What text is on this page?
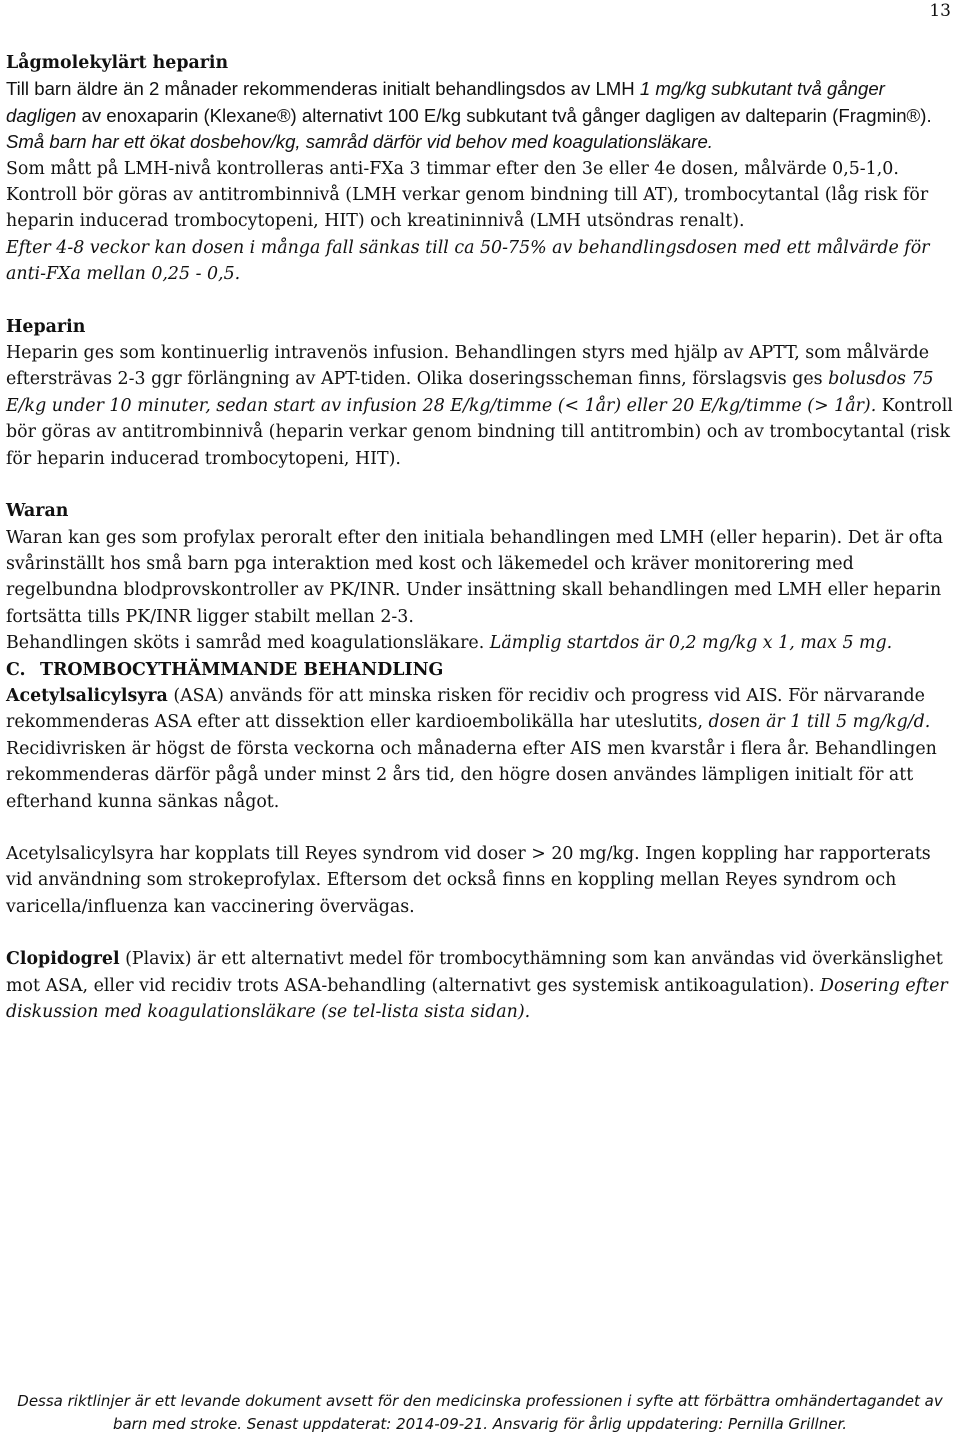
13

Lågmolekylärt heparin

Till barn äldre än 2 månader rekommenderas initialt behandlingsdos av LMH 1 mg/kg subkutant två gånger dagligen av enoxaparin (Klexane®) alternativt 100 E/kg subkutant två gånger dagligen av dalteparin (Fragmin®). Små barn har ett ökat dosbehov/kg, samråd därför vid behov med koagulationsläkare.

Som mått på LMH-nivå kontrolleras anti-FXa 3 timmar efter den 3e eller 4e dosen, målvärde 0,5-1,0. Kontroll bör göras av antitrombinnivå (LMH verkar genom bindning till AT), trombocytantal (låg risk för heparin inducerad trombocytopeni, HIT) och kreatininnivå (LMH utsöndras renalt).

Efter 4-8 veckor kan dosen i många fall sänkas till ca 50-75% av behandlingsdosen med ett målvärde för anti-FXa mellan 0,25 - 0,5.

Heparin

Heparin ges som kontinuerlig intravenös infusion. Behandlingen styrs med hjälp av APTT, som målvärde eftersträvas 2-3 ggr förlängning av APT-tiden. Olika doseringsscheman finns, förslagsvis ges bolusdos 75 E/kg under 10 minuter, sedan start av infusion 28 E/kg/timme (< 1år) eller 20 E/kg/timme (> 1år). Kontroll bör göras av antitrombinnivå (heparin verkar genom bindning till antitrombin) och av trombocytantal (risk för heparin inducerad trombocytopeni, HIT).

Waran

Waran kan ges som profylax peroralt efter den initiala behandlingen med LMH (eller heparin). Det är ofta svårinställt hos små barn pga interaktion med kost och läkemedel och kräver monitorering med regelbundna blodprovskontroller av PK/INR. Under insättning skall behandlingen med LMH eller heparin fortsätta tills PK/INR ligger stabilt mellan 2-3.

Behandlingen sköts i samråd med koagulationsläkare. Lämplig startdos är 0,2 mg/kg x 1, max 5 mg.

C. TROMBOCYTHÄMMANDE BEHANDLING

Acetylsalicylsyra (ASA) används för att minska risken för recidiv och progress vid AIS. För närvarande rekommenderas ASA efter att dissektion eller kardioembolikälla har uteslutits, dosen är 1 till 5 mg/kg/d. Recidivrisken är högst de första veckorna och månaderna efter AIS men kvarstår i flera år. Behandlingen rekommenderas därför pågå under minst 2 års tid, den högre dosen användes lämpligen initialt för att efterhand kunna sänkas något.

Acetylsalicylsyra har kopplats till Reyes syndrom vid doser > 20 mg/kg. Ingen koppling har rapporterats vid användning som strokeprofylax. Eftersom det också finns en koppling mellan Reyes syndrom och varicella/influenza kan vaccinering övervägas.

Clopidogrel (Plavix) är ett alternativt medel för trombocythämning som kan användas vid överkänslighet mot ASA, eller vid recidiv trots ASA-behandling (alternativt ges systemisk antikoagulation). Dosering efter diskussion med koagulationsläkare (se tel-lista sista sidan).

Dessa riktlinjer är ett levande dokument avsett för den medicinska professionen i syfte att förbättra omhändertagandet av
barn med stroke. Senast uppdaterat: 2014-09-21. Ansvarig för årlig uppdatering: Pernilla Grillner.
